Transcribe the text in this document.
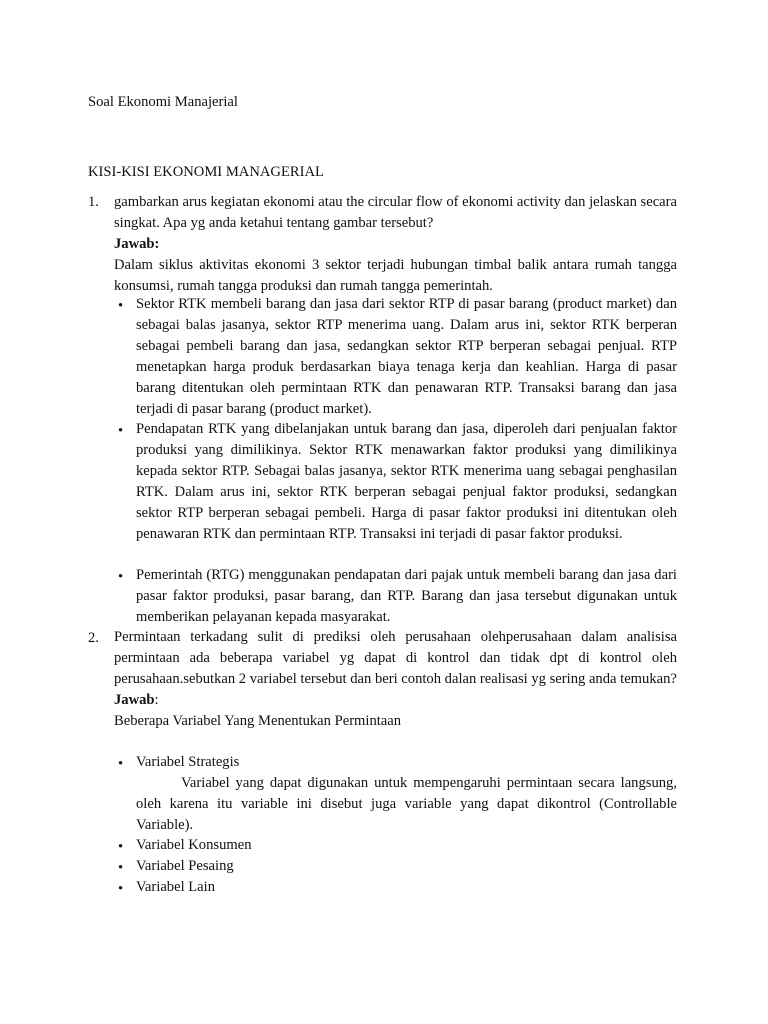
Soal Ekonomi Manajerial
KISI-KISI EKONOMI MANAGERIAL
1. gambarkan arus kegiatan ekonomi atau the circular flow of ekonomi activity dan jelaskan secara singkat. Apa yg anda ketahui tentang gambar tersebut?
Jawab:
Dalam siklus aktivitas ekonomi 3 sektor terjadi hubungan timbal balik antara rumah tangga konsumsi, rumah tangga produksi dan rumah tangga pemerintah.
• Sektor RTK membeli barang dan jasa dari sektor RTP di pasar barang (product market) dan sebagai balas jasanya, sektor RTP menerima uang. Dalam arus ini, sektor RTK berperan sebagai pembeli barang dan jasa, sedangkan sektor RTP berperan sebagai penjual. RTP menetapkan harga produk berdasarkan biaya tenaga kerja dan keahlian. Harga di pasar barang ditentukan oleh permintaan RTK dan penawaran RTP. Transaksi barang dan jasa terjadi di pasar barang (product market).
• Pendapatan RTK yang dibelanjakan untuk barang dan jasa, diperoleh dari penjualan faktor produksi yang dimilikinya. Sektor RTK menawarkan faktor produksi yang dimilikinya kepada sektor RTP. Sebagai balas jasanya, sektor RTK menerima uang sebagai penghasilan RTK. Dalam arus ini, sektor RTK berperan sebagai penjual faktor produksi, sedangkan sektor RTP berperan sebagai pembeli. Harga di pasar faktor produksi ini ditentukan oleh penawaran RTK dan permintaan RTP. Transaksi ini terjadi di pasar faktor produksi.
• Pemerintah (RTG) menggunakan pendapatan dari pajak untuk membeli barang dan jasa dari pasar faktor produksi, pasar barang, dan RTP. Barang dan jasa tersebut digunakan untuk memberikan pelayanan kepada masyarakat.
2. Permintaan terkadang sulit di prediksi oleh perusahaan olehperusahaan dalam analisisa permintaan ada beberapa variabel yg dapat di kontrol dan tidak dpt di kontrol oleh perusahaan.sebutkan 2 variabel tersebut dan beri contoh dalan realisasi yg sering anda temukan?
Jawab:
Beberapa Variabel Yang Menentukan Permintaan
• Variabel Strategis
Variabel yang dapat digunakan untuk mempengaruhi permintaan secara langsung, oleh karena itu variable ini disebut juga variable yang dapat dikontrol (Controllable Variable).
• Variabel Konsumen
• Variabel Pesaing
• Variabel Lain
